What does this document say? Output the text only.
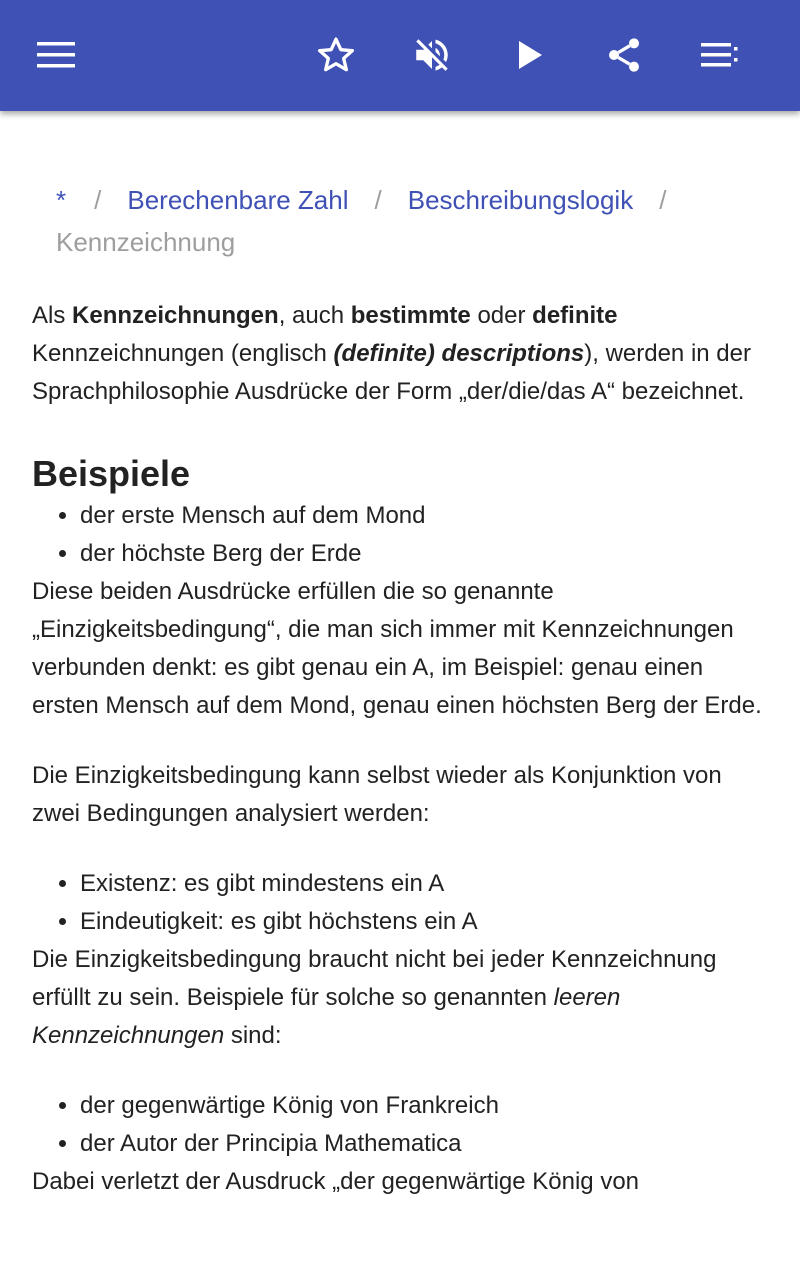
* / Berechenbare Zahl / Beschreibungslogik /
Kennzeichnung

Als Kennzeichnungen, auch bestimmte oder definite Kennzeichnungen (englisch (definite) descriptions), werden in der Sprachphilosophie Ausdrücke der Form „der/die/das A“ bezeichnet.

Beispiele
• der erste Mensch auf dem Mond
• der höchste Berg der Erde

Diese beiden Ausdrücke erfüllen die so genannte „Einzigkeitsbedingung“, die man sich immer mit Kennzeichnungen verbunden denkt: es gibt genau ein A, im Beispiel: genau einen ersten Mensch auf dem Mond, genau einen höchsten Berg der Erde.

Die Einzigkeitsbedingung kann selbst wieder als Konjunktion von zwei Bedingungen analysiert werden:

• Existenz: es gibt mindestens ein A
• Eindeutigkeit: es gibt höchstens ein A

Die Einzigkeitsbedingung braucht nicht bei jeder Kennzeichnung erfüllt zu sein. Beispiele für solche so genannten leeren Kennzeichnungen sind:

• der gegenwärtige König von Frankreich
• der Autor der Principia Mathematica

Dabei verletzt der Ausdruck „der gegenwärtige König von
